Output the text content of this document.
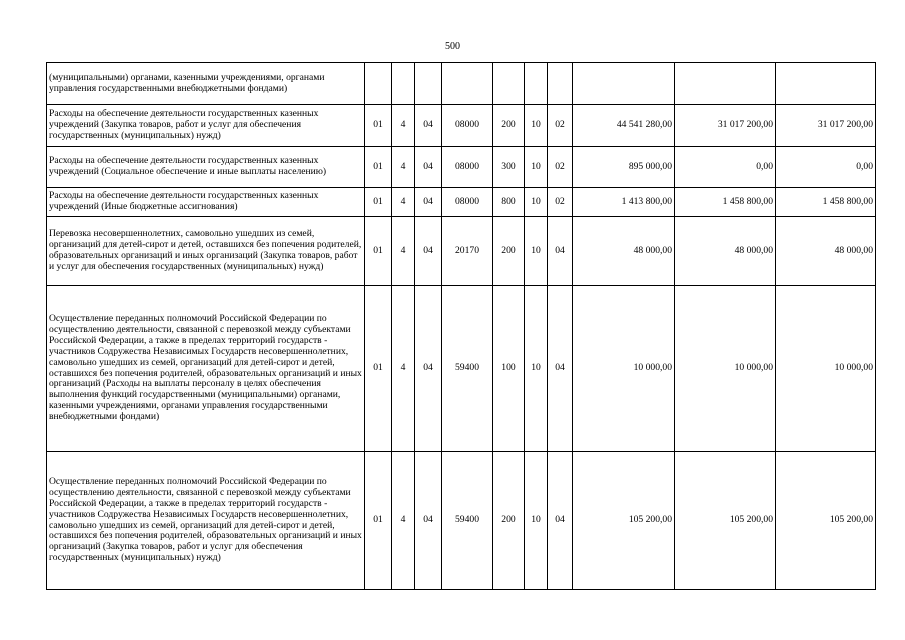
500
(муниципальными) органами, казенными учреждениями, органами управления государственными внебюджетными фондами)										
Расходы на обеспечение деятельности государственных казенных учреждений (Закупка товаров, работ и услуг для обеспечения государственных (муниципальных) нужд)	01	4	04	08000	200	10	02	44 541 280,00	31 017 200,00	31 017 200,00
Расходы на обеспечение деятельности государственных казенных учреждений (Социальное обеспечение и иные выплаты населению)	01	4	04	08000	300	10	02	895 000,00	0,00	0,00
Расходы на обеспечение деятельности государственных казенных учреждений (Иные бюджетные ассигнования)	01	4	04	08000	800	10	02	1 413 800,00	1 458 800,00	1 458 800,00
Перевозка несовершеннолетних, самовольно ушедших из семей, организаций для детей-сирот и детей, оставшихся без попечения родителей, образовательных организаций и иных организаций (Закупка товаров, работ и услуг для обеспечения государственных (муниципальных) нужд)	01	4	04	20170	200	10	04	48 000,00	48 000,00	48 000,00
Осуществление переданных полномочий Российской Федерации по осуществлению деятельности, связанной с перевозкой между субъектами Российской Федерации, а также в пределах территорий государств - участников Содружества Независимых Государств несовершеннолетних, самовольно ушедших из семей, организаций для детей-сирот и детей, оставшихся без попечения родителей, образовательных организаций и иных организаций (Расходы на выплаты персоналу в целях обеспечения выполнения функций государственными (муниципальными) органами, казенными учреждениями, органами управления государственными внебюджетными фондами)	01	4	04	59400	100	10	04	10 000,00	10 000,00	10 000,00
Осуществление переданных полномочий Российской Федерации по осуществлению деятельности, связанной с перевозкой между субъектами Российской Федерации, а также в пределах территорий государств - участников Содружества Независимых Государств несовершеннолетних, самовольно ушедших из семей, организаций для детей-сирот и детей, оставшихся без попечения родителей, образовательных организаций и иных организаций (Закупка товаров, работ и услуг для обеспечения государственных (муниципальных) нужд)	01	4	04	59400	200	10	04	105 200,00	105 200,00	105 200,00
